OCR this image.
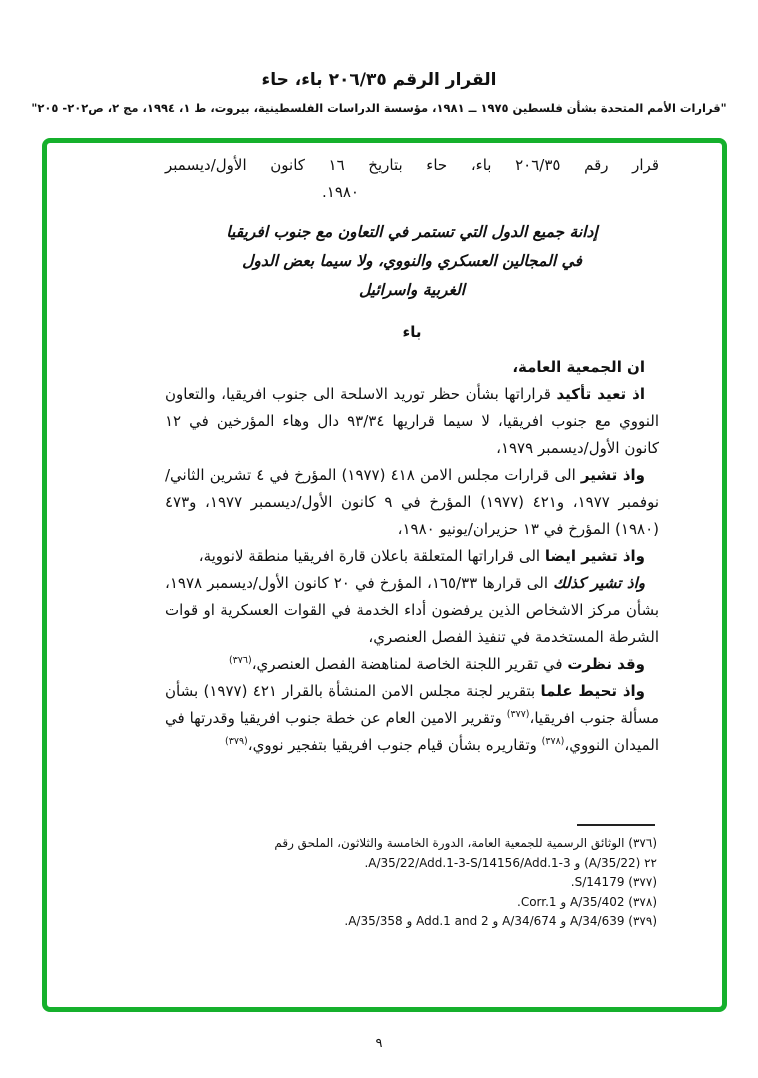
القرار الرقم ٢٠٦/٣٥ باء، حاء
"قرارات الأمم المتحدة بشأن فلسطين ١٩٧٥ ــ ١٩٨١، مؤسسة الدراسات الفلسطينية، بيروت، ط ١، ١٩٩٤، مج ٢، ص٢٠٢- ٢٠٥"
قرار رقم ٢٠٦/٣٥ باء، حاء بتاريخ ١٦ كانون الأول/ديسمبر
١٩٨٠.
إدانة جميع الدول التي تستمر في التعاون مع جنوب افريقيا
في المجالين العسكري والنووي، ولا سيما بعض الدول
الغربية واسرائيل
باء
ان الجمعية العامة،
اذ تعيد تأكيد قراراتها بشأن حظر توريد الاسلحة الى جنوب افريقيا، والتعاون النووي مع جنوب افريقيا، لا سيما قراريها ٩٣/٣٤ دال وهاء المؤرخين في ١٢ كانون الأول/ديسمبر ١٩٧٩،
واذ تشير الى قرارات مجلس الامن ٤١٨ (١٩٧٧) المؤرخ في ٤ تشرين الثاني/نوفمبر ١٩٧٧، و٤٢١ (١٩٧٧) المؤرخ في ٩ كانون الأول/ديسمبر ١٩٧٧، و٤٧٣ (١٩٨٠) المؤرخ في ١٣ حزيران/يونيو ١٩٨٠،
واذ تشير ايضا الى قراراتها المتعلقة باعلان قارة افريقيا منطقة لانووية،
واذ تشير كذلك الى قرارها ١٦٥/٣٣، المؤرخ في ٢٠ كانون الأول/ديسمبر ١٩٧٨، بشأن مركز الاشخاص الذين يرفضون أداء الخدمة في القوات العسكرية او قوات الشرطة المستخدمة في تنفيذ الفصل العنصري،
وقد نظرت في تقرير اللجنة الخاصة لمناهضة الفصل العنصري،$^{(٣٧٦)}$
واذ تحيط علما بتقرير لجنة مجلس الامن المنشأة بالقرار ٤٢١ (١٩٧٧) بشأن مسألة جنوب افريقيا،$^{(٣٧٧)}$ وتقرير الامين العام عن خطة جنوب افريقيا وقدرتها في الميدان النووي،$^{(٣٧٨)}$ وتقاريره بشأن قيام جنوب افريقيا بتفجير نووي،$^{(٣٧٩)}$
(٣٧٦) الوثائق الرسمية للجمعية العامة، الدورة الخامسة والثلاثون، الملحق رقم
٢٢ (A/35/22) و A/35/22/Add.1-3-S/14156/Add.1-3.
(٣٧٧) S/14179.
(٣٧٨) A/35/402 و Corr.1.
(٣٧٩) A/34/639 و A/34/674 و Add.1 and 2 و A/35/358.
٩
